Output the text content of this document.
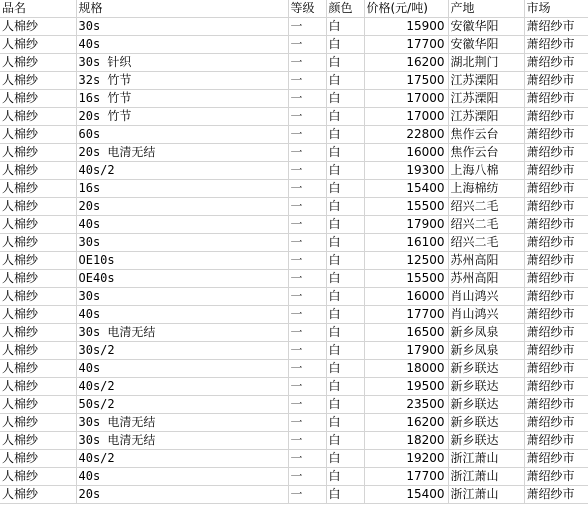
品名	规格	等级	颜色	价格(元/吨)	产地	市场
人棉纱	30s	一	白	15900	安徽华阳	萧绍纱市
人棉纱	40s	一	白	17700	安徽华阳	萧绍纱市
人棉纱	30s 针织	一	白	16200	湖北荆门	萧绍纱市
人棉纱	32s 竹节	一	白	17500	江苏溧阳	萧绍纱市
人棉纱	16s 竹节	一	白	17000	江苏溧阳	萧绍纱市
人棉纱	20s 竹节	一	白	17000	江苏溧阳	萧绍纱市
人棉纱	60s	一	白	22800	焦作云台	萧绍纱市
人棉纱	20s 电清无结	一	白	16000	焦作云台	萧绍纱市
人棉纱	40s/2	一	白	19300	上海八棉	萧绍纱市
人棉纱	16s	一	白	15400	上海棉纺	萧绍纱市
人棉纱	20s	一	白	15500	绍兴二毛	萧绍纱市
人棉纱	40s	一	白	17900	绍兴二毛	萧绍纱市
人棉纱	30s	一	白	16100	绍兴二毛	萧绍纱市
人棉纱	OE10s	一	白	12500	苏州高阳	萧绍纱市
人棉纱	OE40s	一	白	15500	苏州高阳	萧绍纱市
人棉纱	30s	一	白	16000	肖山鸿兴	萧绍纱市
人棉纱	40s	一	白	17700	肖山鸿兴	萧绍纱市
人棉纱	30s 电清无结	一	白	16500	新乡凤泉	萧绍纱市
人棉纱	30s/2	一	白	17900	新乡凤泉	萧绍纱市
人棉纱	40s	一	白	18000	新乡联达	萧绍纱市
人棉纱	40s/2	一	白	19500	新乡联达	萧绍纱市
人棉纱	50s/2	一	白	23500	新乡联达	萧绍纱市
人棉纱	30s 电清无结	一	白	16200	新乡联达	萧绍纱市
人棉纱	30s 电清无结	一	白	18200	新乡联达	萧绍纱市
人棉纱	40s/2	一	白	19200	浙江萧山	萧绍纱市
人棉纱	40s	一	白	17700	浙江萧山	萧绍纱市
人棉纱	20s	一	白	15400	浙江萧山	萧绍纱市
